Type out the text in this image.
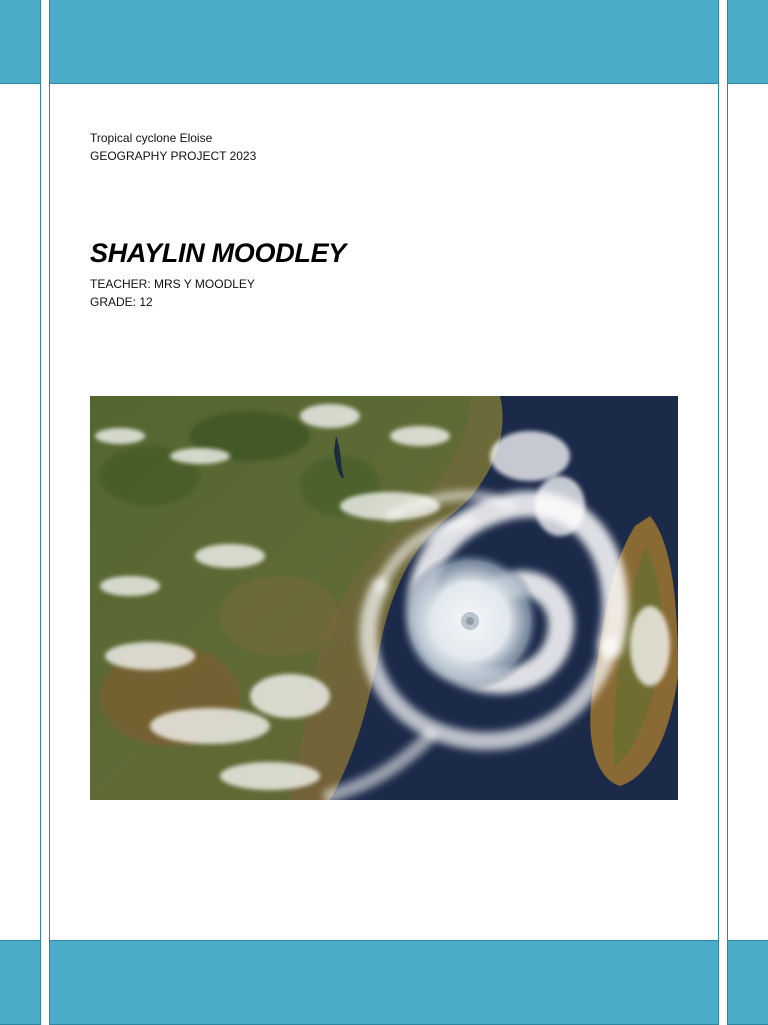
Tropical cyclone Eloise
GEOGRAPHY PROJECT 2023
SHAYLIN MOODLEY
TEACHER: MRS Y MOODLEY
GRADE: 12
